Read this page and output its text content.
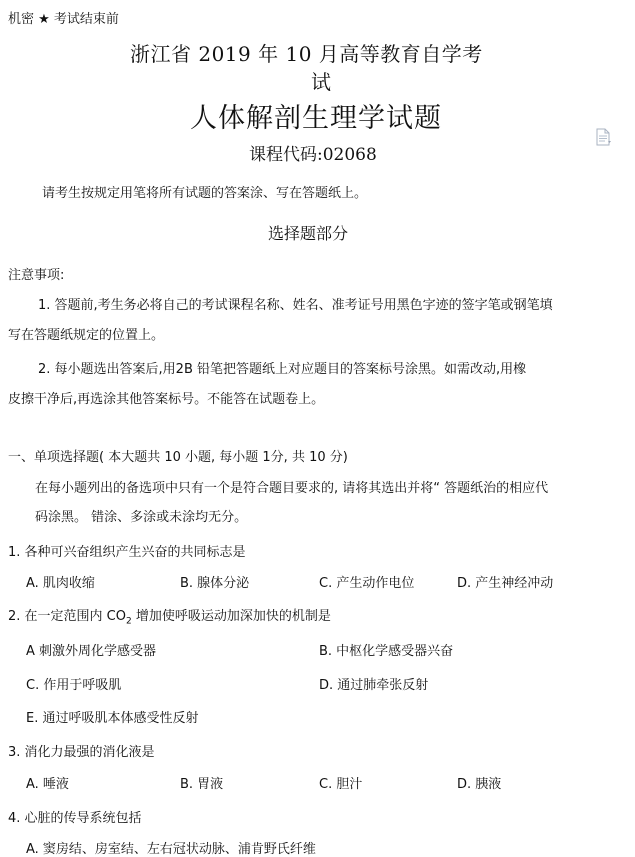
机密 ★ 考试结束前
浙江省 2019 年 10 月高等教育自学考
试
人体解剖生理学试题
课程代码:02068
请考生按规定用笔将所有试题的答案涂、写在答题纸上。
选择题部分
注意事项:
1. 答题前,考生务必将自己的考试课程名称、姓名、准考证号用黑色字迹的签字笔或钢笔填
写在答题纸规定的位置上。
2. 每小题选出答案后,用2B 铅笔把答题纸上对应题目的答案标号涂黑。如需改动,用橡
皮擦干净后,再选涂其他答案标号。不能答在试题卷上。
一、单项选择题( 本大题共 10 小题, 每小题 1分, 共 10 分)
在每小题列出的备选项中只有一个是符合题目要求的, 请将其选出并将“ 答题纸治的相应代
码涂黑。 错涂、多涂或未涂均无分。
1. 各种可兴奋组织产生兴奋的共同标志是
A. 肌肉收缩	B. 腺体分泌	C. 产生动作电位	D. 产生神经冲动
2. 在一定范围内 $CO_2$ 增加使呼吸运动加深加快的机制是
A 刺激外周化学感受器	B. 中枢化学感受器兴奋
C. 作用于呼吸肌	D. 通过肺牵张反射
E. 通过呼吸肌本体感受性反射
3. 消化力最强的消化液是
A. 唾液	B. 胃液	C. 胆汁	D. 胰液
4. 心脏的传导系统包括
A. 窦房结、房室结、左右冠状动脉、浦肯野氏纤维
